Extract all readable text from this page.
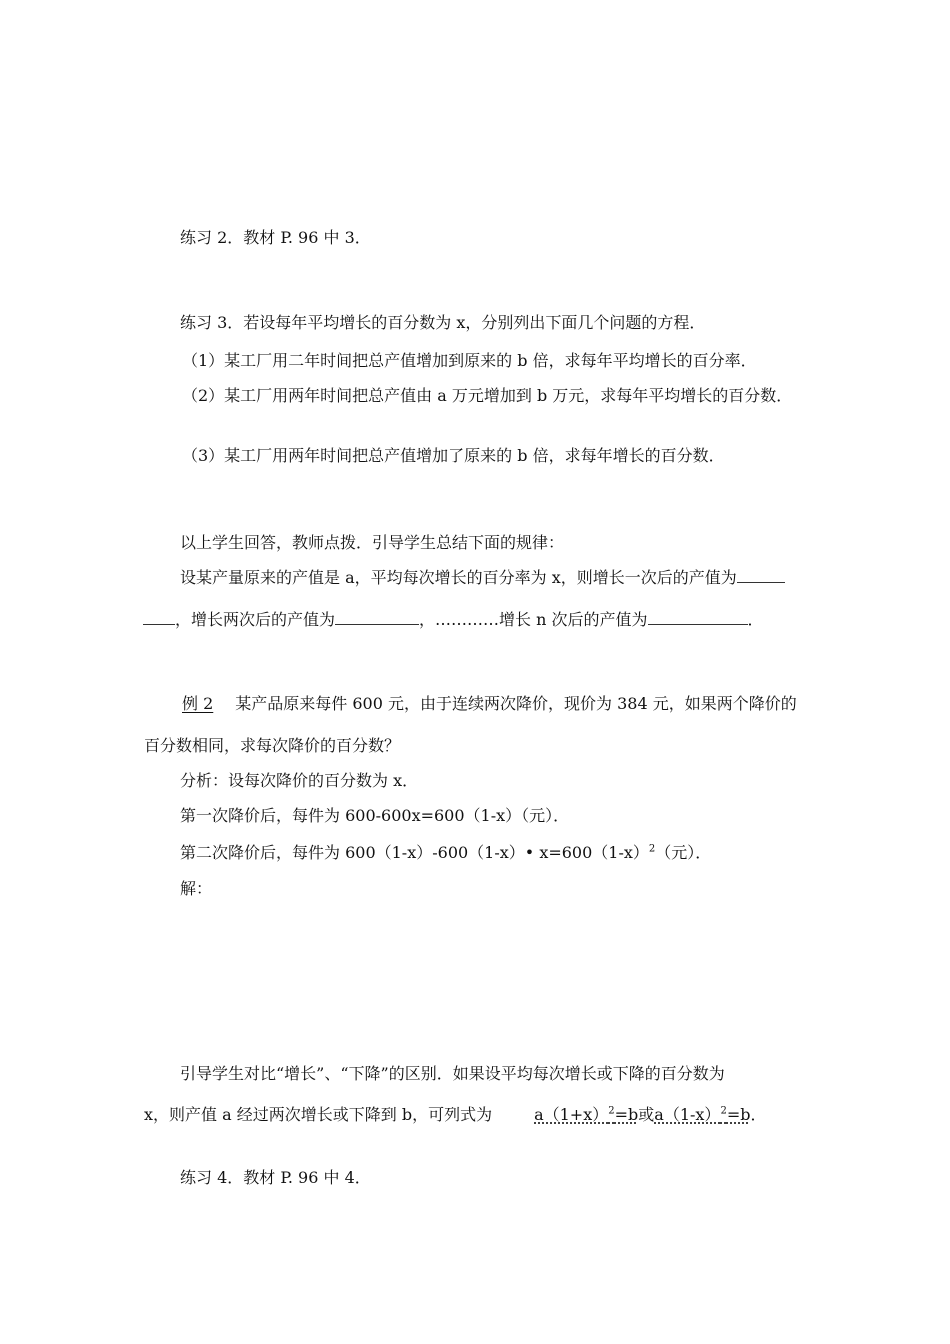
练习 2．教材 P. 96 中 3．
练习 3．若设每年平均增长的百分数为 x，分别列出下面几个问题的方程．
（1）某工厂用二年时间把总产值增加到原来的 b 倍，求每年平均增长的百分率．
（2）某工厂用两年时间把总产值由 a 万元增加到 b 万元，求每年平均增长的百分数．
（3）某工厂用两年时间把总产值增加了原来的 b 倍，求每年增长的百分数．
以上学生回答，教师点拨．引导学生总结下面的规律：
设某产量原来的产值是 a，平均每次增长的百分率为 x，则增长一次后的产值为
，增长两次后的产值为	，…………增长 n 次后的产值为	．
例 2 某产品原来每件 600 元，由于连续两次降价，现价为 384 元，如果两个降价的
百分数相同，求每次降价的百分数？
分析：设每次降价的百分数为 x．
第一次降价后，每件为 600-600x=600（1-x）（元）．
第二次降价后，每件为 600（1-x）-600（1-x）• $x=600(1-x)^2$（元）．
解：
引导学生对比“增长”、“下降”的区别．如果设平均每次增长或下降的百分数为
x，则产值 a 经过两次增长或下降到 b，可列式为	$a(1+x)^2=b$或$a(1-x)^2=b$．
练习 4．教材 P. 96 中 4．
